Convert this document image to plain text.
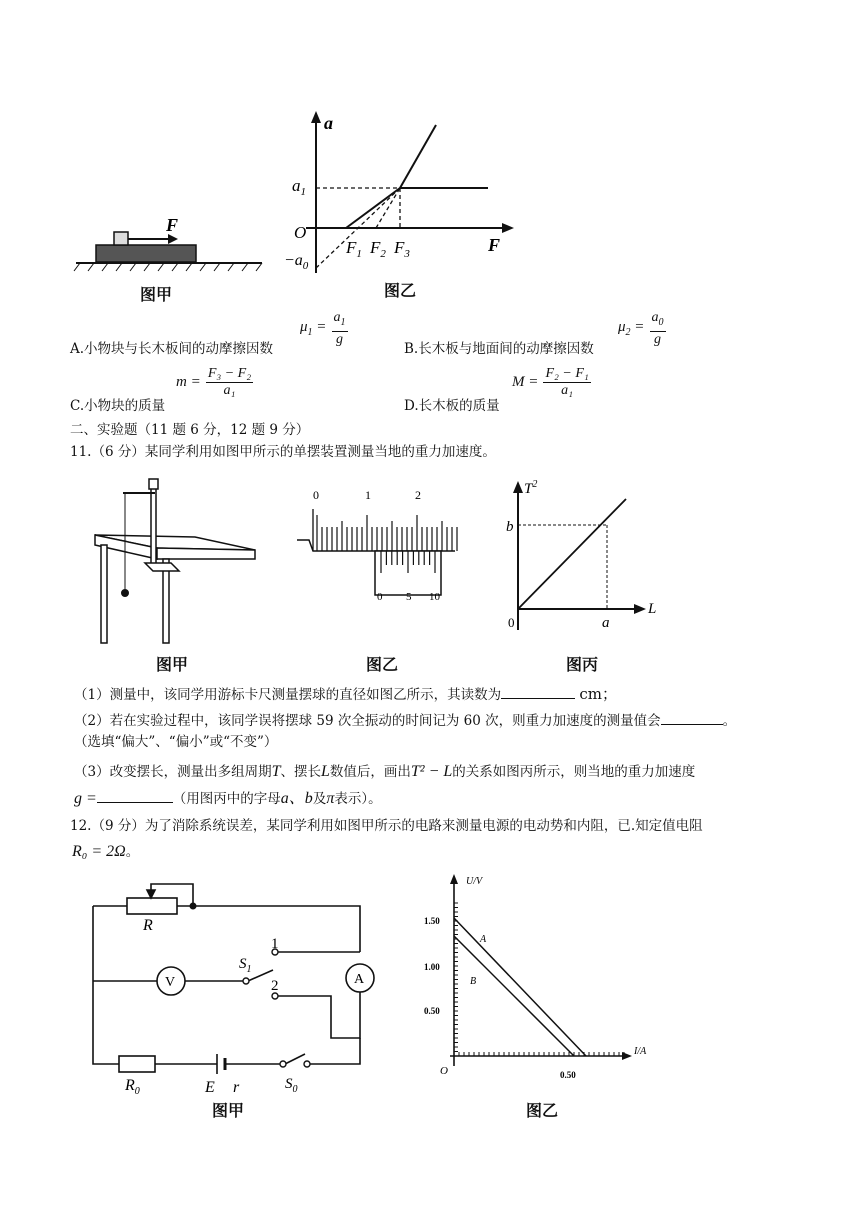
F
图甲
a
F
O
$a_1$
$-a_0$
$F_1$ $F_2$ $F_3$
图乙
A.小物块与长木板间的动摩擦因数
$\mu_1 = \frac{a_1}{g}$
B.长木板与地面间的动摩擦因数
$\mu_2 = \frac{a_0}{g}$
C.小物块的质量
$m = \frac{\text{F₃ − F₂}}{\text{a₁}}$
D.长木板的质量
$M = \frac{\text{F₂ − F₁}}{\text{a₁}}$
二、实验题（11 题 6 分，12 题 9 分）
11.（6 分）某同学利用如图甲所示的单摆装置测量当地的重力加速度。
图甲
0	1	2
0 5 10
图乙
$T^2$
L
b
a
0
图丙
（1）测量中，该同学用游标卡尺测量摆球的直径如图乙所示，其读数为	cm；
（2）若在实验过程中，该同学误将摆球 59 次全振动的时间记为 60 次，则重力加速度的测量值会	。
（选填“偏大”、“偏小”或“不变”）
（3）改变摆长，测量出多组周期T、摆长L数值后，画出T² − L的关系如图丙所示，则当地的重力加速度
g =	（用图丙中的字母a、b及π表示）。
12.（9 分）为了消除系统误差，某同学利用如图甲所示的电路来测量电源的电动势和内阻，已.知定值电阻
R₀ = 2Ω。
R
$S_1$
V	A
1
2
$R_0$	E r	$S_0$
图甲
U/V
I/A
O
1.50
1.00
0.50
0.50
A
B
图乙
